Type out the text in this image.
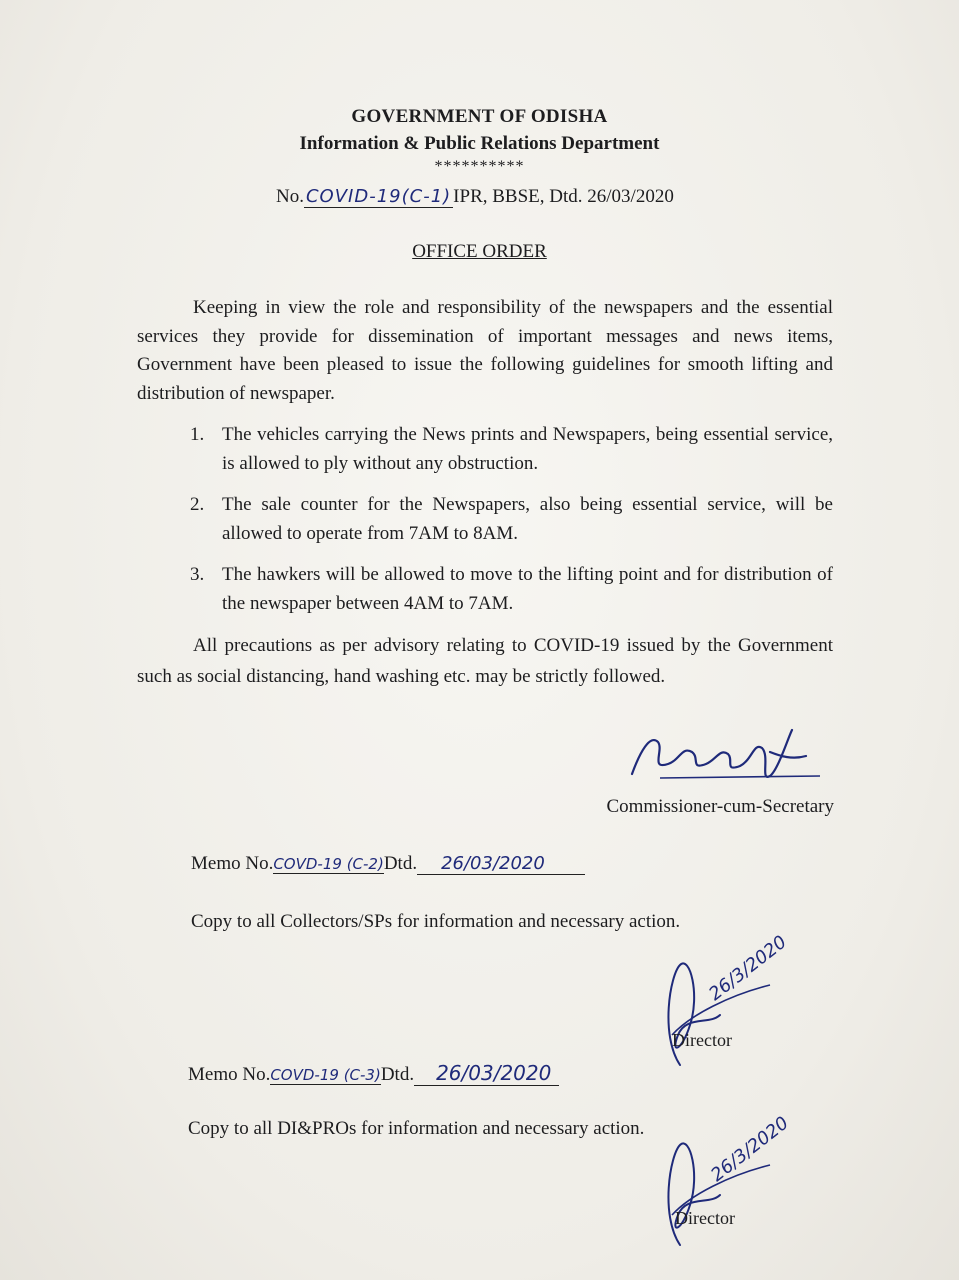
GOVERNMENT OF ODISHA
Information & Public Relations Department
**********
No. COVID-19(C-1) IPR, BBSE, Dtd. 26/03/2020
OFFICE ORDER

Keeping in view the role and responsibility of the newspapers and the essential services they provide for dissemination of important messages and news items, Government have been pleased to issue the following guidelines for smooth lifting and distribution of newspaper.

1. The vehicles carrying the News prints and Newspapers, being essential service, is allowed to ply without any obstruction.
2. The sale counter for the Newspapers, also being essential service, will be allowed to operate from 7AM to 8AM.
3. The hawkers will be allowed to move to the lifting point and for distribution of the newspaper between 4AM to 7AM.

All precautions as per advisory relating to COVID-19 issued by the Government such as social distancing, hand washing etc. may be strictly followed.

Commissioner-cum-Secretary
Memo No.COVD-19 (C-2)Dtd. 26/03/2020
Copy to all Collectors/SPs for information and necessary action.
26/3/2020
Director
Memo No.COVD-19 (C-3)Dtd. 26/03/2020
Copy to all DI&PROs for information and necessary action.	26/3/2020
Director
